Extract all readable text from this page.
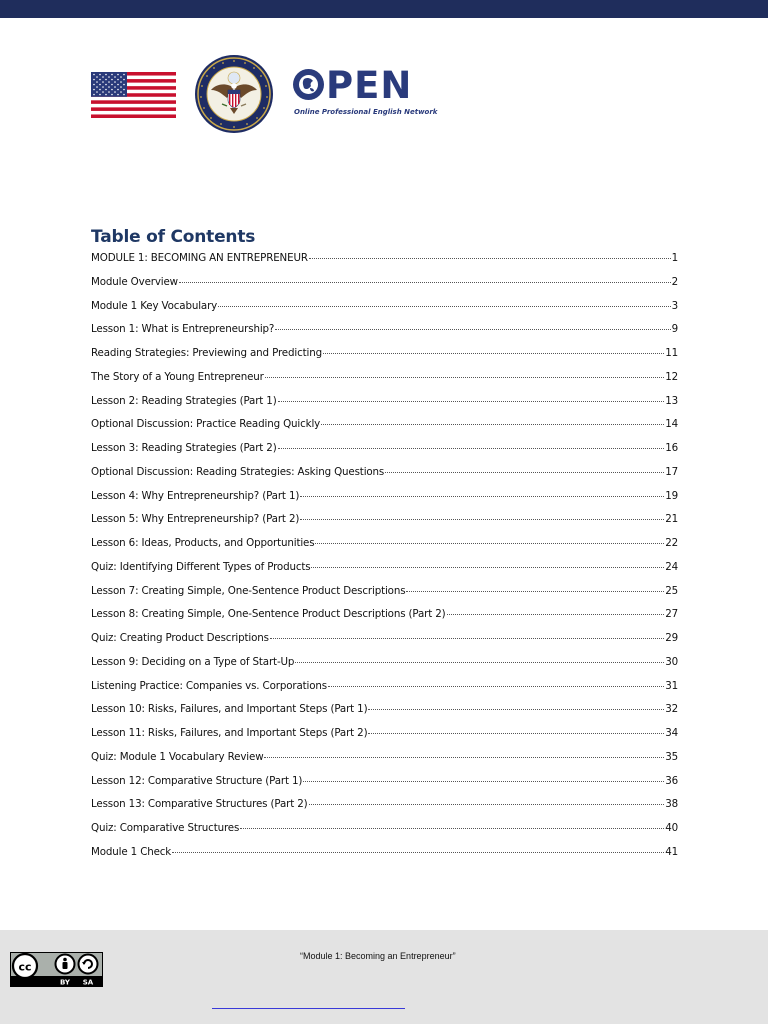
PEN
Online Professional English Network
Table of Contents
MODULE 1: BECOMING AN ENTREPRENEUR	1
Module Overview	2
Module 1 Key Vocabulary	3
Lesson 1: What is Entrepreneurship?	9
Reading Strategies: Previewing and Predicting	11
The Story of a Young Entrepreneur	12
Lesson 2: Reading Strategies (Part 1)	13
Optional Discussion: Practice Reading Quickly	14
Lesson 3: Reading Strategies (Part 2)	16
Optional Discussion: Reading Strategies: Asking Questions	17
Lesson 4: Why Entrepreneurship? (Part 1)	19
Lesson 5: Why Entrepreneurship? (Part 2)	21
Lesson 6: Ideas, Products, and Opportunities	22
Quiz: Identifying Different Types of Products	24
Lesson 7: Creating Simple, One-Sentence Product Descriptions	25
Lesson 8: Creating Simple, One-Sentence Product Descriptions (Part 2)	27
Quiz: Creating Product Descriptions	29
Lesson 9: Deciding on a Type of Start-Up	30
Listening Practice: Companies vs. Corporations	31
Lesson 10: Risks, Failures, and Important Steps (Part 1)	32
Lesson 11: Risks, Failures, and Important Steps (Part 2)	34
Quiz: Module 1 Vocabulary Review	35
Lesson 12: Comparative Structure (Part 1)	36
Lesson 13: Comparative Structures (Part 2)	38
Quiz: Comparative Structures	40
Module 1 Check	41
cc
BY SA
“Module 1: Becoming an Entrepreneur”
